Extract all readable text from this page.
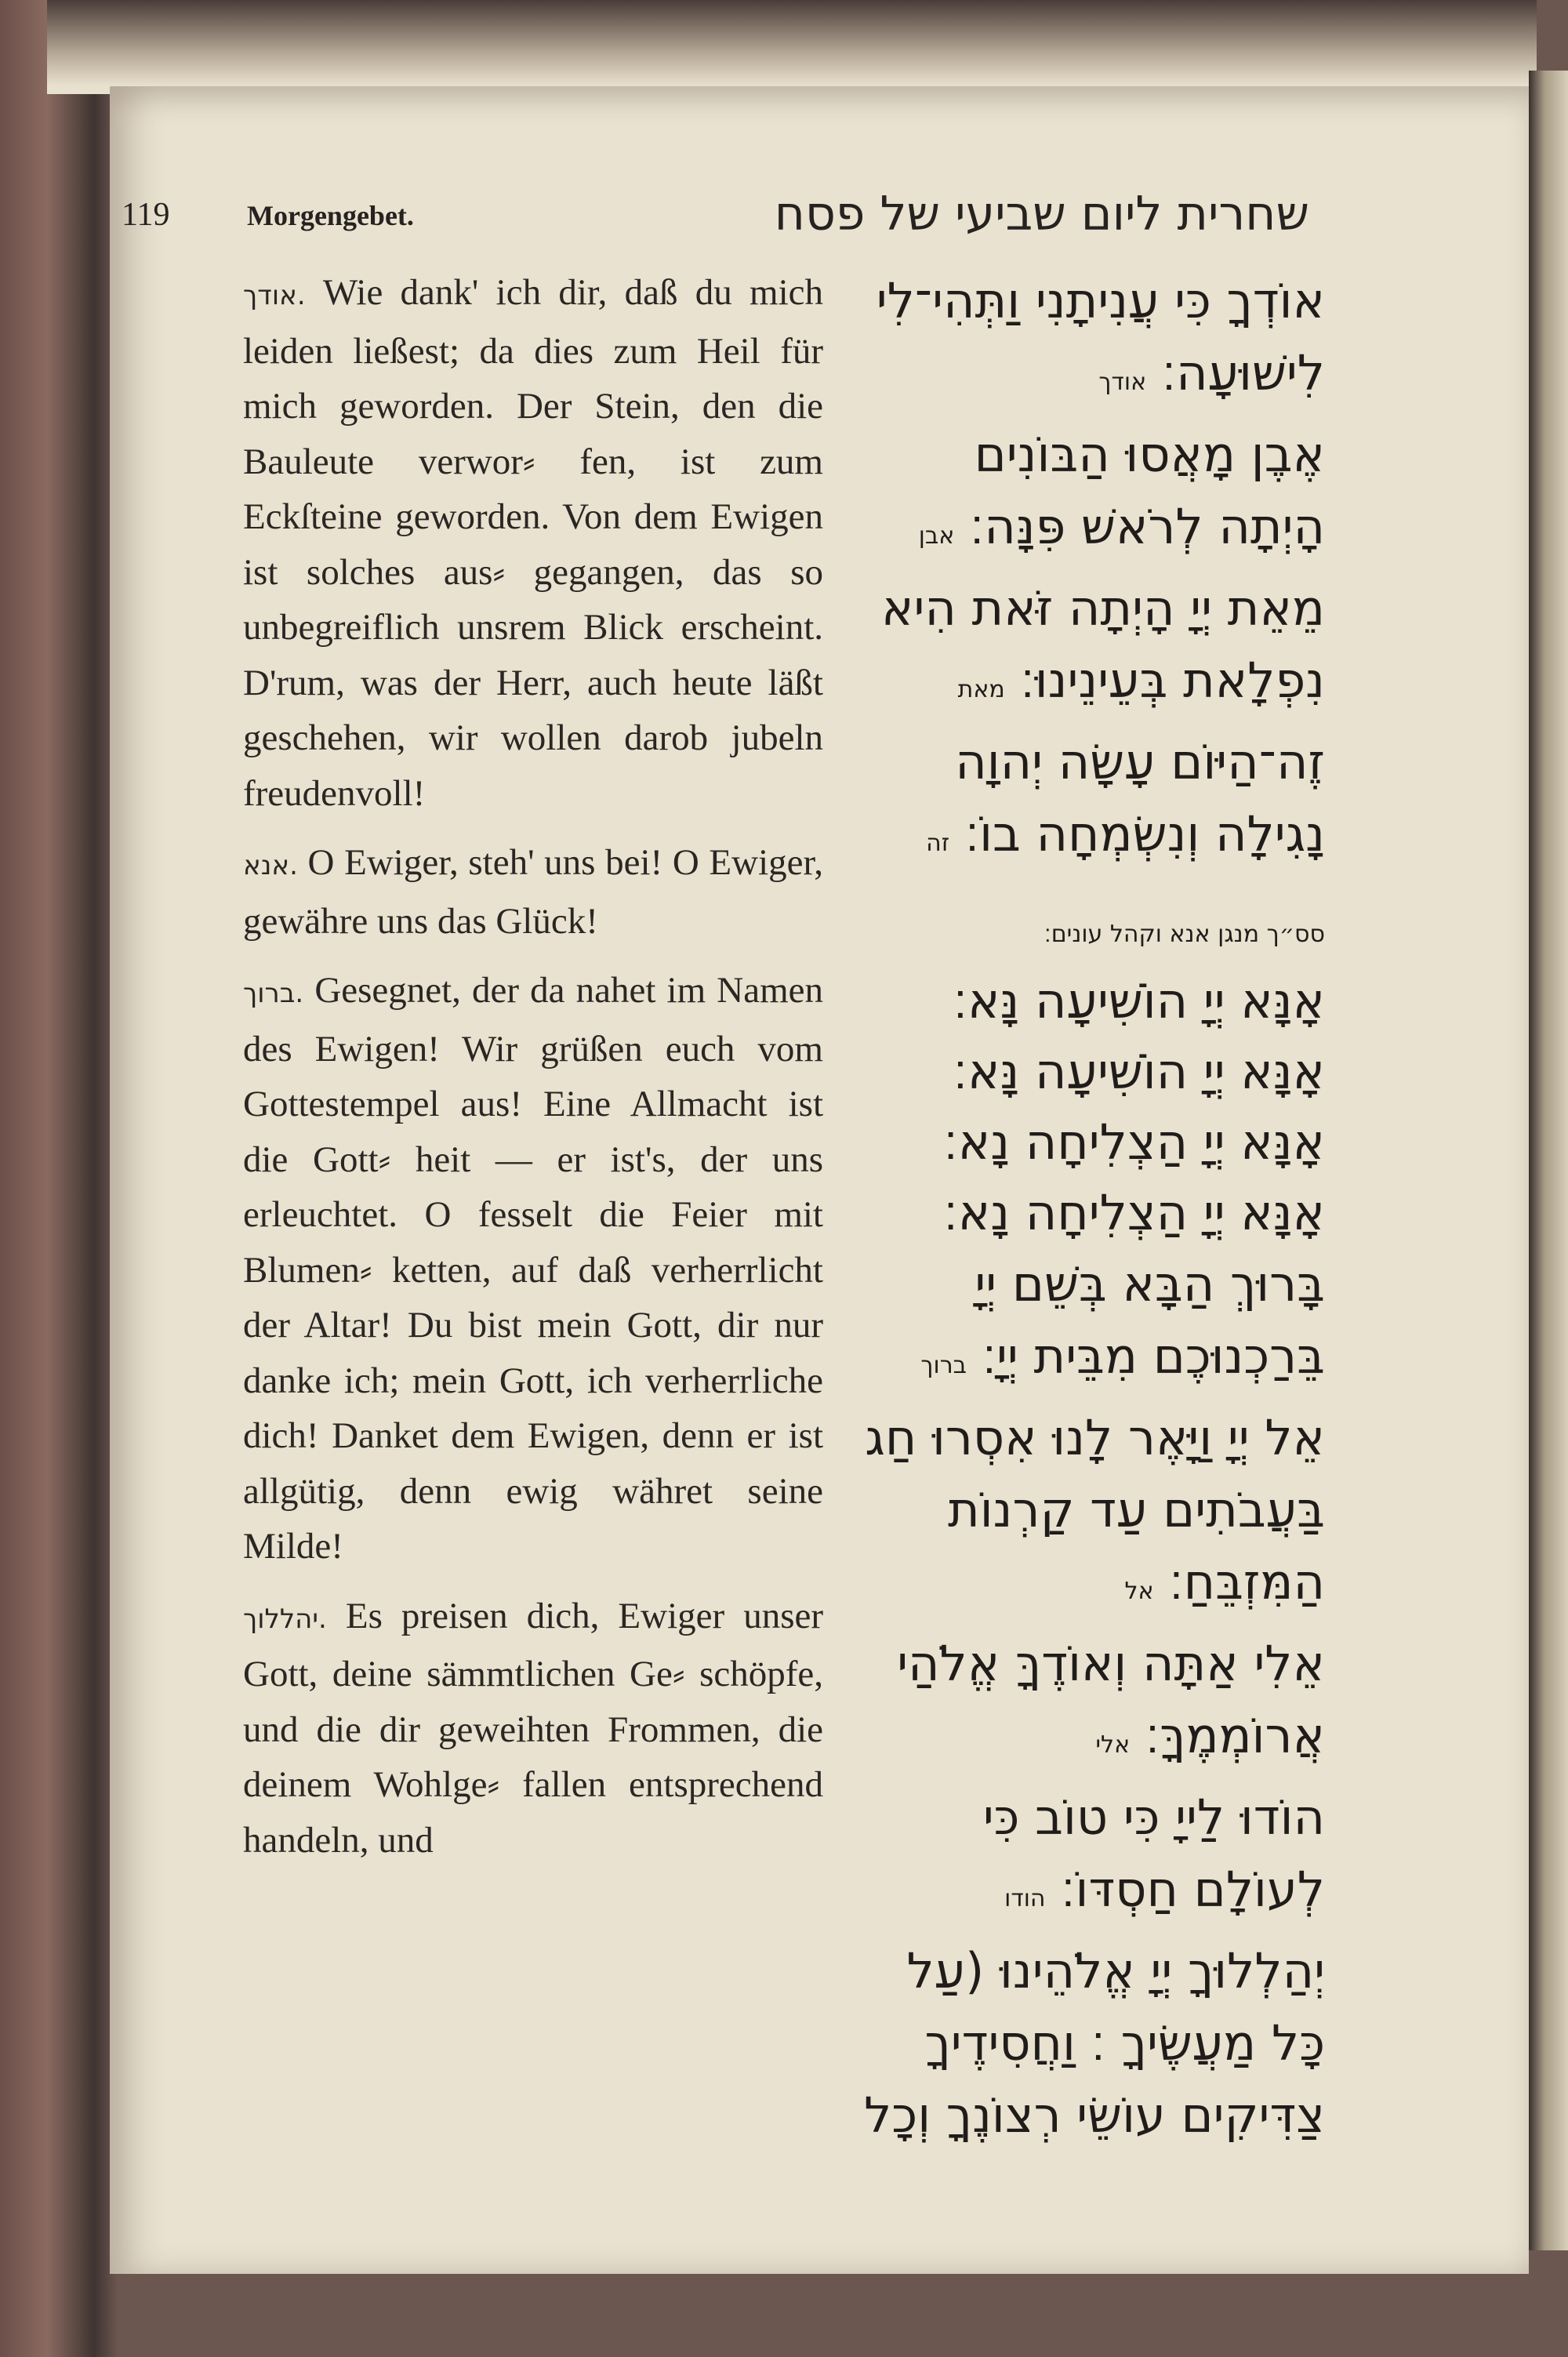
119	Morgengebet.	שחרית ליום שביעי של פסח

אודך. Wie dank' ich dir, daß du mich leiden ließest; da dies zum Heil für mich geworden. Der Stein, den die Bauleute verwor⸗ fen, ist zum Eckſteine geworden. Von dem Ewigen ist solches aus⸗ gegangen, das so unbegreiflich unsrem Blick erscheint. D'rum, was der Herr, auch heute läßt geschehen, wir wollen darob jubeln freudenvoll!

אנא. O Ewiger, steh' uns bei! O Ewiger, gewähre uns das Glück!

ברוך. Gesegnet, der da nahet im Namen des Ewigen! Wir grüßen euch vom Gottestempel aus! Eine Allmacht ist die Gott⸗ heit — er ist's, der uns erleuchtet. O fesselt die Feier mit Blumen⸗ ketten, auf daß verherrlicht der Altar! Du bist mein Gott, dir nur danke ich; mein Gott, ich verherrliche dich! Danket dem Ewigen, denn er ist allgütig, denn ewig währet seine Milde!

יהללוך. Es preisen dich, Ewiger unser Gott, deine sämmtlichen Ge⸗ schöpfe, und die dir geweihten Frommen, die deinem Wohlge⸗ fallen entsprechend handeln, und

אוֹדְךָ כִּי עֲנִיתָנִי וַתְּהִי־לִי לִישׁוּעָה׃ אודך

אֶבֶן מָאֲסוּ הַבּוֹנִים הָיְתָה לְרֹאשׁ פִּנָּה׃ אבן

מֵאֵת יְיָ הָיְתָה זֹּאת הִיא נִפְלָאת בְּעֵינֵינוּ׃ מאת

זֶה־הַיּוֹם עָשָׂה יְהוָה נָגִילָה וְנִשְׂמְחָה בוֹ׃ זה

סס״ך מנגן אנא וקהל עונים׃

אָנָּא יְיָ הוֹשִׁיעָה נָּא׃

אָנָּא יְיָ הוֹשִׁיעָה נָּא׃

אָנָּא יְיָ הַצְלִיחָה נָא׃

אָנָּא יְיָ הַצְלִיחָה נָא׃

בָּרוּךְ הַבָּא בְּשֵׁם יְיָ בֵּרַכְנוּכֶם מִבֵּית יְיָ׃ ברוך

אֵל יְיָ וַיָּאֶר לָנוּ אִסְרוּ חַג בַּעֲבֹתִים עַד קַרְנוֹת הַמִּזְבֵּחַ׃ אל

אֵלִי אַתָּה וְאוֹדֶךָּ אֱלֹהַי אֲרוֹמְמֶךָּ׃ אלי

הוֹדוּ לַייָ כִּי טוֹב כִּי לְעוֹלָם חַסְדּוֹ׃ הודו

יְהַלְלוּךָ יְיָ אֱלֹהֵינוּ (עַל כָּל מַעֲשֶׂיךָ ׃ וַחֲסִידֶיךָ צַדִּיקִים עוֹשֵׂי רְצוֹנֶךָ וְכָל
